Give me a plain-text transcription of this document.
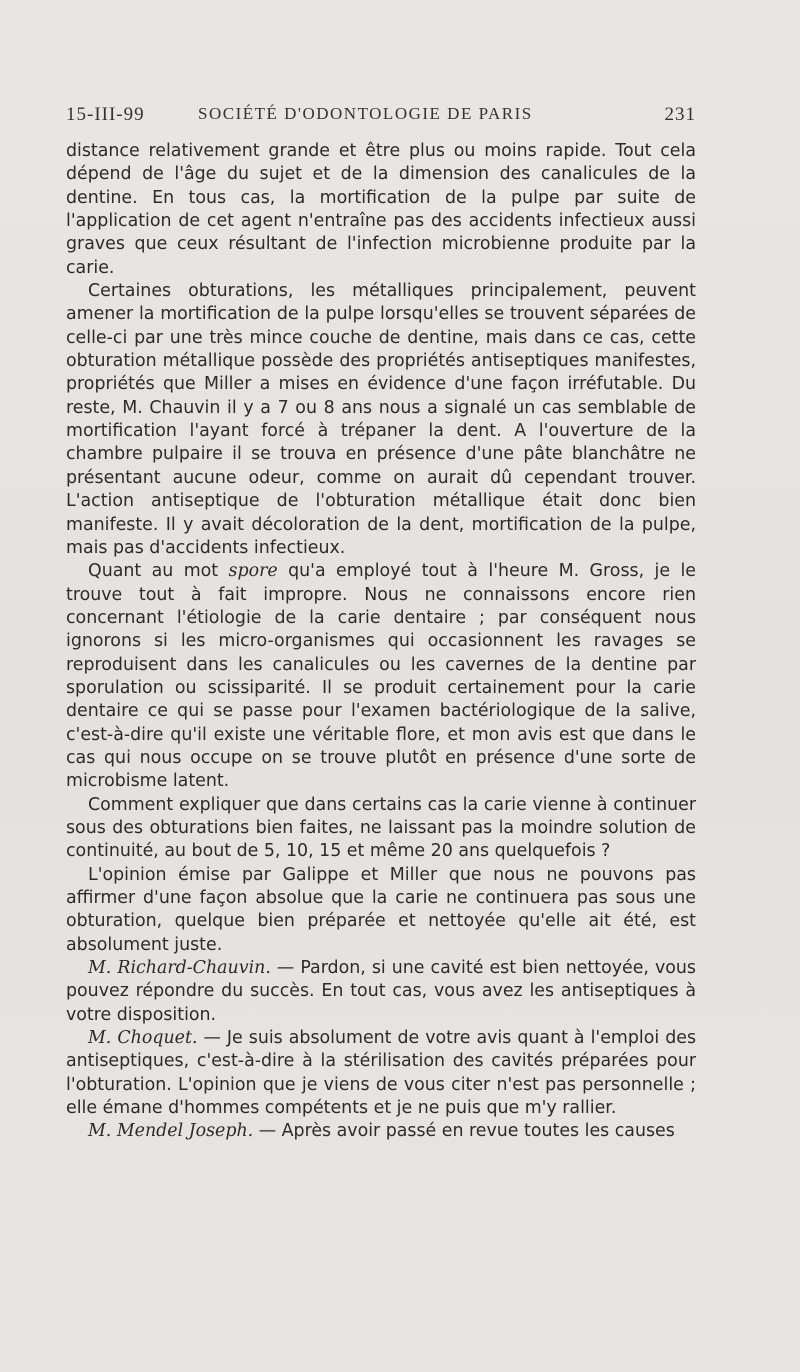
15-III-99	SOCIÉTÉ D'ODONTOLOGIE DE PARIS	231

distance relativement grande et être plus ou moins rapide. Tout cela dépend de l'âge du sujet et de la dimension des canalicules de la dentine. En tous cas, la mortification de la pulpe par suite de l'application de cet agent n'entraîne pas des accidents infectieux aussi graves que ceux résultant de l'infection microbienne produite par la carie.

Certaines obturations, les métalliques principalement, peuvent amener la mortification de la pulpe lorsqu'elles se trouvent séparées de celle-ci par une très mince couche de dentine, mais dans ce cas, cette obturation métallique possède des propriétés antiseptiques manifestes, propriétés que Miller a mises en évidence d'une façon irréfutable. Du reste, M. Chauvin il y a 7 ou 8 ans nous a signalé un cas semblable de mortification l'ayant forcé à trépaner la dent. A l'ouverture de la chambre pulpaire il se trouva en présence d'une pâte blanchâtre ne présentant aucune odeur, comme on aurait dû cependant trouver. L'action antiseptique de l'obturation métallique était donc bien manifeste. Il y avait décoloration de la dent, mortification de la pulpe, mais pas d'accidents infectieux.

Quant au mot spore qu'a employé tout à l'heure M. Gross, je le trouve tout à fait impropre. Nous ne connaissons encore rien concernant l'étiologie de la carie dentaire ; par conséquent nous ignorons si les micro-organismes qui occasionnent les ravages se reproduisent dans les canalicules ou les cavernes de la dentine par sporulation ou scissiparité. Il se produit certainement pour la carie dentaire ce qui se passe pour l'examen bactériologique de la salive, c'est-à-dire qu'il existe une véritable flore, et mon avis est que dans le cas qui nous occupe on se trouve plutôt en présence d'une sorte de microbisme latent.

Comment expliquer que dans certains cas la carie vienne à continuer sous des obturations bien faites, ne laissant pas la moindre solution de continuité, au bout de 5, 10, 15 et même 20 ans quelquefois ?

L'opinion émise par Galippe et Miller que nous ne pouvons pas affirmer d'une façon absolue que la carie ne continuera pas sous une obturation, quelque bien préparée et nettoyée qu'elle ait été, est absolument juste.

M. Richard-Chauvin. — Pardon, si une cavité est bien nettoyée, vous pouvez répondre du succès. En tout cas, vous avez les antiseptiques à votre disposition.

M. Choquet. — Je suis absolument de votre avis quant à l'emploi des antiseptiques, c'est-à-dire à la stérilisation des cavités préparées pour l'obturation. L'opinion que je viens de vous citer n'est pas personnelle ; elle émane d'hommes compétents et je ne puis que m'y rallier.

M. Mendel Joseph. — Après avoir passé en revue toutes les causes
